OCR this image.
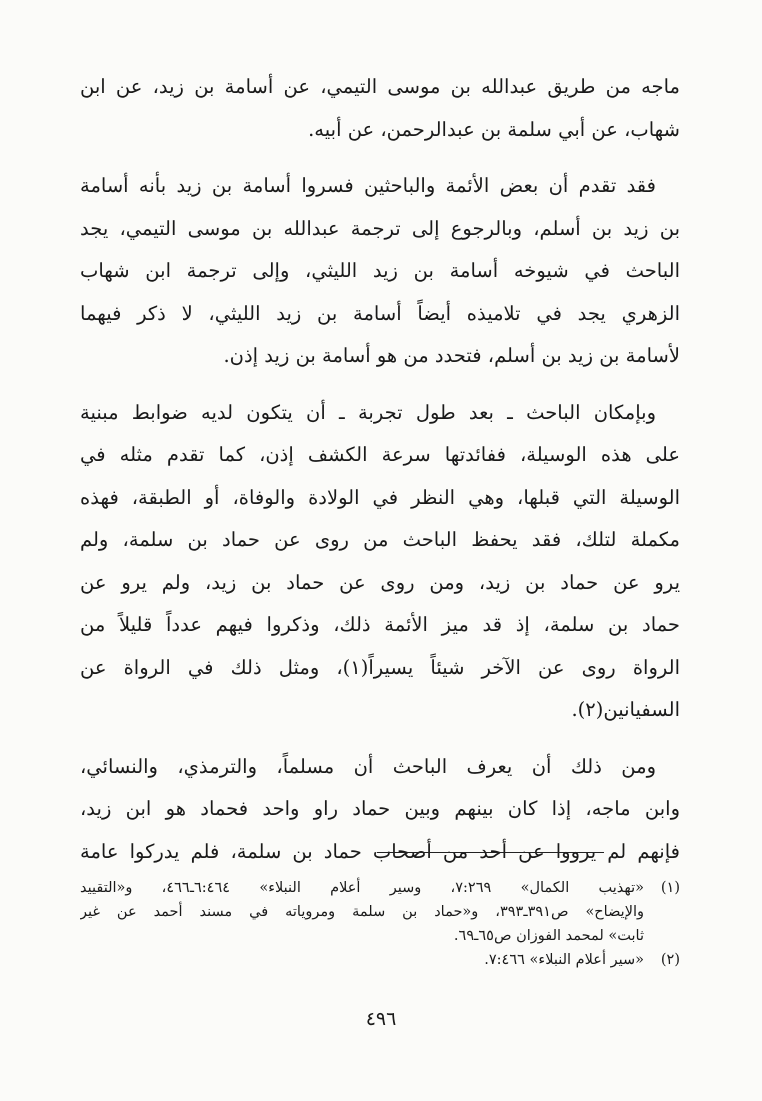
ماجه من طريق عبدالله بن موسى التيمي، عن أسامة بن زيد، عن ابن
شهاب، عن أبي سلمة بن عبدالرحمن، عن أبيه.

فقد تقدم أن بعض الأئمة والباحثين فسروا أسامة بن زيد بأنه أسامة
بن زيد بن أسلم، وبالرجوع إلى ترجمة عبدالله بن موسى التيمي، يجد
الباحث في شيوخه أسامة بن زيد الليثي، وإلى ترجمة ابن شهاب
الزهري يجد في تلاميذه أيضاً أسامة بن زيد الليثي، لا ذكر فيهما
لأسامة بن زيد بن أسلم، فتحدد من هو أسامة بن زيد إذن.

وبإمكان الباحث ـ بعد طول تجربة ـ أن يتكون لديه ضوابط مبنية
على هذه الوسيلة، ففائدتها سرعة الكشف إذن، كما تقدم مثله في
الوسيلة التي قبلها، وهي النظر في الولادة والوفاة، أو الطبقة، فهذه
مكملة لتلك، فقد يحفظ الباحث من روى عن حماد بن سلمة، ولم
يرو عن حماد بن زيد، ومن روى عن حماد بن زيد، ولم يرو عن
حماد بن سلمة، إذ قد ميز الأئمة ذلك، وذكروا فيهم عدداً قليلاً من
الرواة روى عن الآخر شيئاً يسيراً(١)، ومثل ذلك في الرواة عن
السفيانين(٢).

ومن ذلك أن يعرف الباحث أن مسلماً، والترمذي، والنسائي،
وابن ماجه، إذا كان بينهم وبين حماد راو واحد فحماد هو ابن زيد،
فإنهم لم يرووا عن أحد من أصحاب حماد بن سلمة، فلم يدركوا عامة

(١)
«تهذيب الكمال» ٧:٢٦٩، وسير أعلام النبلاء» ٦:٤٦٤ـ٤٦٦، و«التقييد
والإيضاح» ص٣٩١ـ٣٩٣، و«حماد بن سلمة ومروياته في مسند أحمد عن غير
ثابت» لمحمد الفوزان ص٦٥ـ٦٩.
(٢)
«سير أعلام النبلاء» ٧:٤٦٦.
٤٩٦
